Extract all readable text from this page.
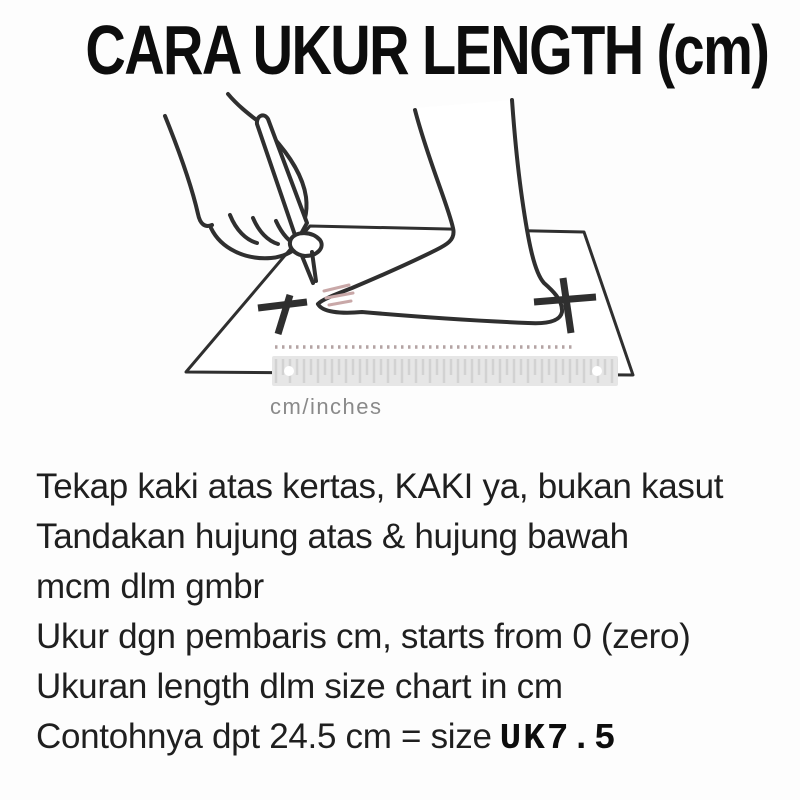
CARA UKUR LENGTH (cm)
cm/inches
Tekap kaki atas kertas, KAKI ya, bukan kasut
Tandakan hujung atas & hujung bawah
mcm dlm gmbr
Ukur dgn pembaris cm, starts from 0 (zero)
Ukuran length dlm size chart in cm
Contohnya dpt 24.5 cm = size UK7.5
